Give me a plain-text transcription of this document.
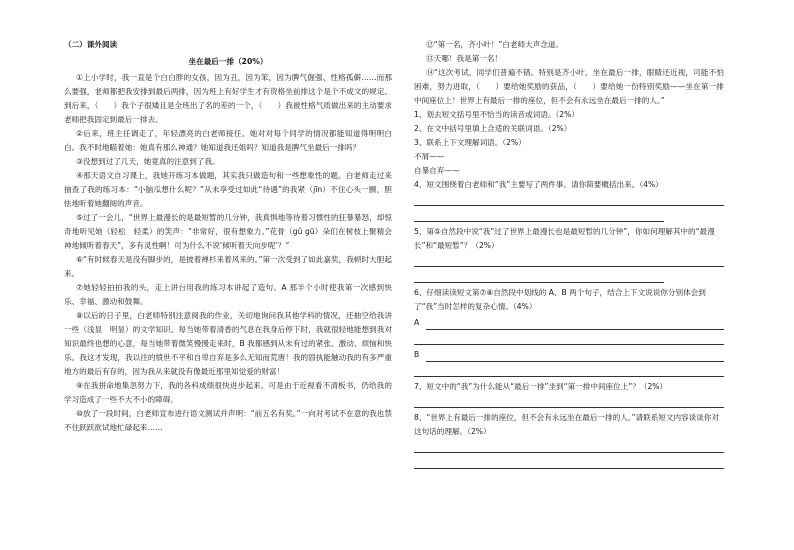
（二）课外阅读
坐在最后一排（20%）

①上小学时，我一直是个白白胖的女孩，因为丑，因为笨，因为脾气倔强、性格孤僻……而那么要强，老师都把我安排到最后两排，因为班上有好学生才有资格坐前排这个是个不成文的规定。到后来，（　　）我个子很矮且是全班出了名的差的一个，（　　）我被性格气质做出来的主动要求老师把我固定到最后一排去。

②后来，班主任调走了，年轻漂亮的白老师接任。她对对每个同学的情况都能知道得明明白白。我不时地瞄着她：她真有那么神通？她知道我还姐吗？知道我是脾气坐最后一排吗？

③没想到过了几天，她竟真的注意到了我。

④那天语文自习课上，我她开练习本做题，其实我只做造句和一些想象性的题。白老师走过来抽查了我的练习本：“小脑瓜想什么呢？”从未享受过如此“待遇”的我紧（jīn）不住心头一颤，胆怯地听着她翻阅的声音。

⑤过了一会儿，“世界上最漫长的是最短暂的几分钟，我真惧地等待着习惯性的狂暴暴怒，却惊奇地听见她（轻松　轻柔）的笑声：“非常好，很有想象力。”花骨（gǔ gū）朵们在树枝上聚精会神地倾听着春天”，多有灵性啊！可为什么不说‘倾听着天向步呢’？”

⑥“有时候春天是没有脚步的，是披着禅杉来着风来的。”第一次受到了如此嘉奖，我顿时大胆起来。

⑦她轻轻拍拍我的头，走上讲台用我的练习本讲起了造句。A 那半个小时使我第一次感到快乐、幸福、激动和鼓舞。

⑧以后的日子里，白老师特别注意阅我的作业，关切地询问我其他学科的情况，还抽空给我讲一些（浅显　明显）的文学知识。每当她带着清香的气息在我身后停下时，我就很轻地能想到我对知识最终也想的心意，每当她带着微笑慢慢走来时，B 我都感到从未有过的紧张、激动、烦恼和快乐。我这才发现，我以往的愤世不平和自卑自弃是多么无知而荒唐！我的固执能触动我的有多严重地方的最后有存的，因为我从来就没有像最近那里知觉爱的财富！

⑨在我拼命地集忽努力下，我的各科成绩很快进步起来。可是由于近视看不清板书，仍给我的学习造成了一些不大不小的障碍。

⑩放了一段时间，白老师宣布进行语文测试并声明：“前五名有奖。”一向对考试不在意的我也禁不住跃跃欲试地忙碌起来……

⑫“第一名，齐小叶！”白老师大声念道。

⑬天哪！我是第一名！

⑭“这次考试，同学们普遍不错。特别是齐小叶，坐在最后一排，眼睛还近视，可能不怕困难，努力进取，（　　）要给她奖励的获品，（　　）要给她一份特别奖励——坐在第一排中间座位上！世界上有最后一排的座位，但不会有永远坐在最后一排的人。”

1、划去短文括号里不恰当的读音或词语。（2%）

2、在文中括号里填上合适的关联词语。（2%）

3、联系上下文理解词语。（2%）

不屑——

自暴自弃——

4、短文围绕着白老师和“我”主要写了两件事。请你简要概括出来。（4%）

5、第⑤自然段中说“我”过了世界上最漫长也是最短暂的几分钟”，你如何理解其中的“最漫长”和“最短暂”？（2%）

6、仔细读读短文第⑦⑧自然段中划线的 A、B 两个句子，结合上下文说说你分别体会到了“我”当时怎样的复杂心情。（4%）

A
B

7、短文中的“我”为什么能从“最后一排”坐到“第一排中间座位上”？（2%）

8、“世界上有最后一排的座位，但不会有永远坐在最后一排的人。”请联系短文内容谈谈你对这句话的理解。（2%）
